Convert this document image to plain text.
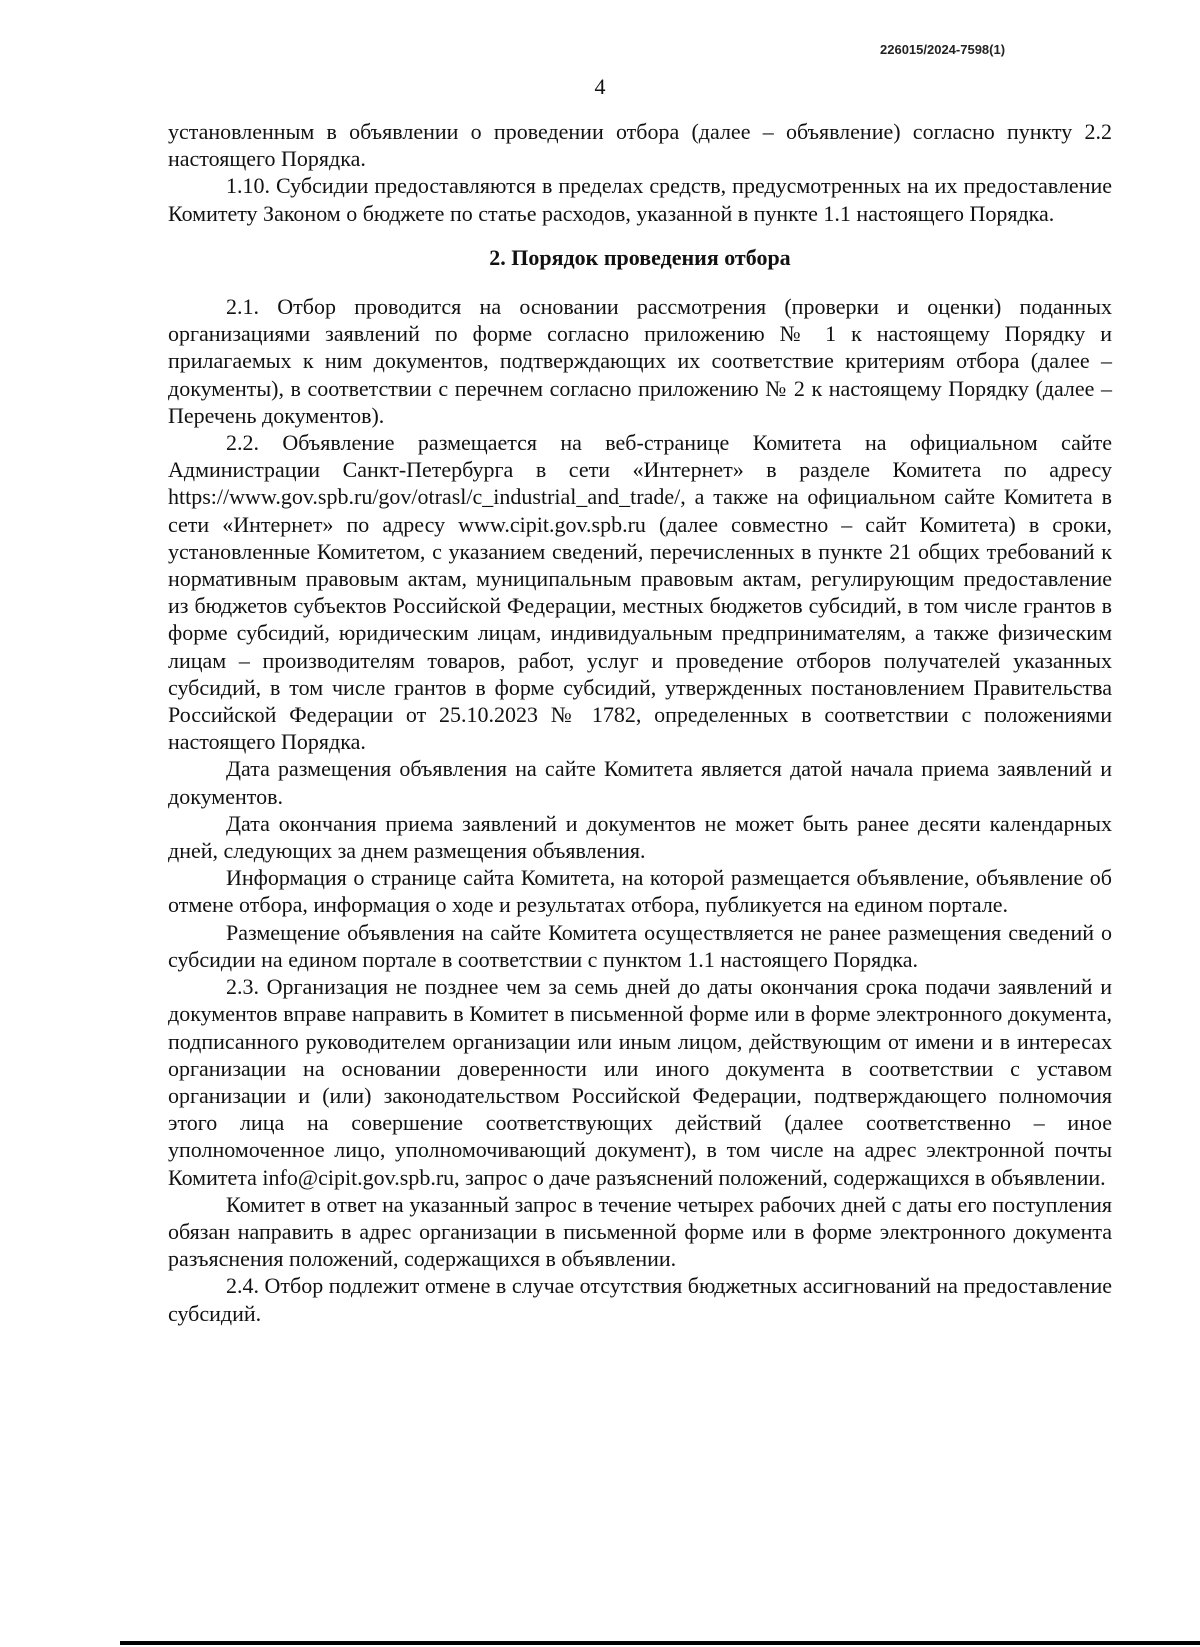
226015/2024-7598(1)
4

установленным в объявлении о проведении отбора (далее – объявление) согласно пункту 2.2 настоящего Порядка.

1.10. Субсидии предоставляются в пределах средств, предусмотренных на их предоставление Комитету Законом о бюджете по статье расходов, указанной в пункте 1.1 настоящего Порядка.

2. Порядок проведения отбора

2.1. Отбор проводится на основании рассмотрения (проверки и оценки) поданных организациями заявлений по форме согласно приложению № 1 к настоящему Порядку и прилагаемых к ним документов, подтверждающих их соответствие критериям отбора (далее – документы), в соответствии с перечнем согласно приложению № 2 к настоящему Порядку (далее – Перечень документов).

2.2. Объявление размещается на веб-странице Комитета на официальном сайте Администрации Санкт-Петербурга в сети «Интернет» в разделе Комитета по адресу https://www.gov.spb.ru/gov/otrasl/c_industrial_and_trade/, а также на официальном сайте Комитета в сети «Интернет» по адресу www.cipit.gov.spb.ru (далее совместно – сайт Комитета) в сроки, установленные Комитетом, с указанием сведений, перечисленных в пункте 21 общих требований к нормативным правовым актам, муниципальным правовым актам, регулирующим предоставление из бюджетов субъектов Российской Федерации, местных бюджетов субсидий, в том числе грантов в форме субсидий, юридическим лицам, индивидуальным предпринимателям, а также физическим лицам – производителям товаров, работ, услуг и проведение отборов получателей указанных субсидий, в том числе грантов в форме субсидий, утвержденных постановлением Правительства Российской Федерации от 25.10.2023 № 1782, определенных в соответствии с положениями настоящего Порядка.

Дата размещения объявления на сайте Комитета является датой начала приема заявлений и документов.

Дата окончания приема заявлений и документов не может быть ранее десяти календарных дней, следующих за днем размещения объявления.

Информация о странице сайта Комитета, на которой размещается объявление, объявление об отмене отбора, информация о ходе и результатах отбора, публикуется на едином портале.

Размещение объявления на сайте Комитета осуществляется не ранее размещения сведений о субсидии на едином портале в соответствии с пунктом 1.1 настоящего Порядка.

2.3. Организация не позднее чем за семь дней до даты окончания срока подачи заявлений и документов вправе направить в Комитет в письменной форме или в форме электронного документа, подписанного руководителем организации или иным лицом, действующим от имени и в интересах организации на основании доверенности или иного документа в соответствии с уставом организации и (или) законодательством Российской Федерации, подтверждающего полномочия этого лица на совершение соответствующих действий (далее соответственно – иное уполномоченное лицо, уполномочивающий документ), в том числе на адрес электронной почты Комитета info@cipit.gov.spb.ru, запрос о даче разъяснений положений, содержащихся в объявлении.

Комитет в ответ на указанный запрос в течение четырех рабочих дней с даты его поступления обязан направить в адрес организации в письменной форме или в форме электронного документа разъяснения положений, содержащихся в объявлении.

2.4. Отбор подлежит отмене в случае отсутствия бюджетных ассигнований на предоставление субсидий.
